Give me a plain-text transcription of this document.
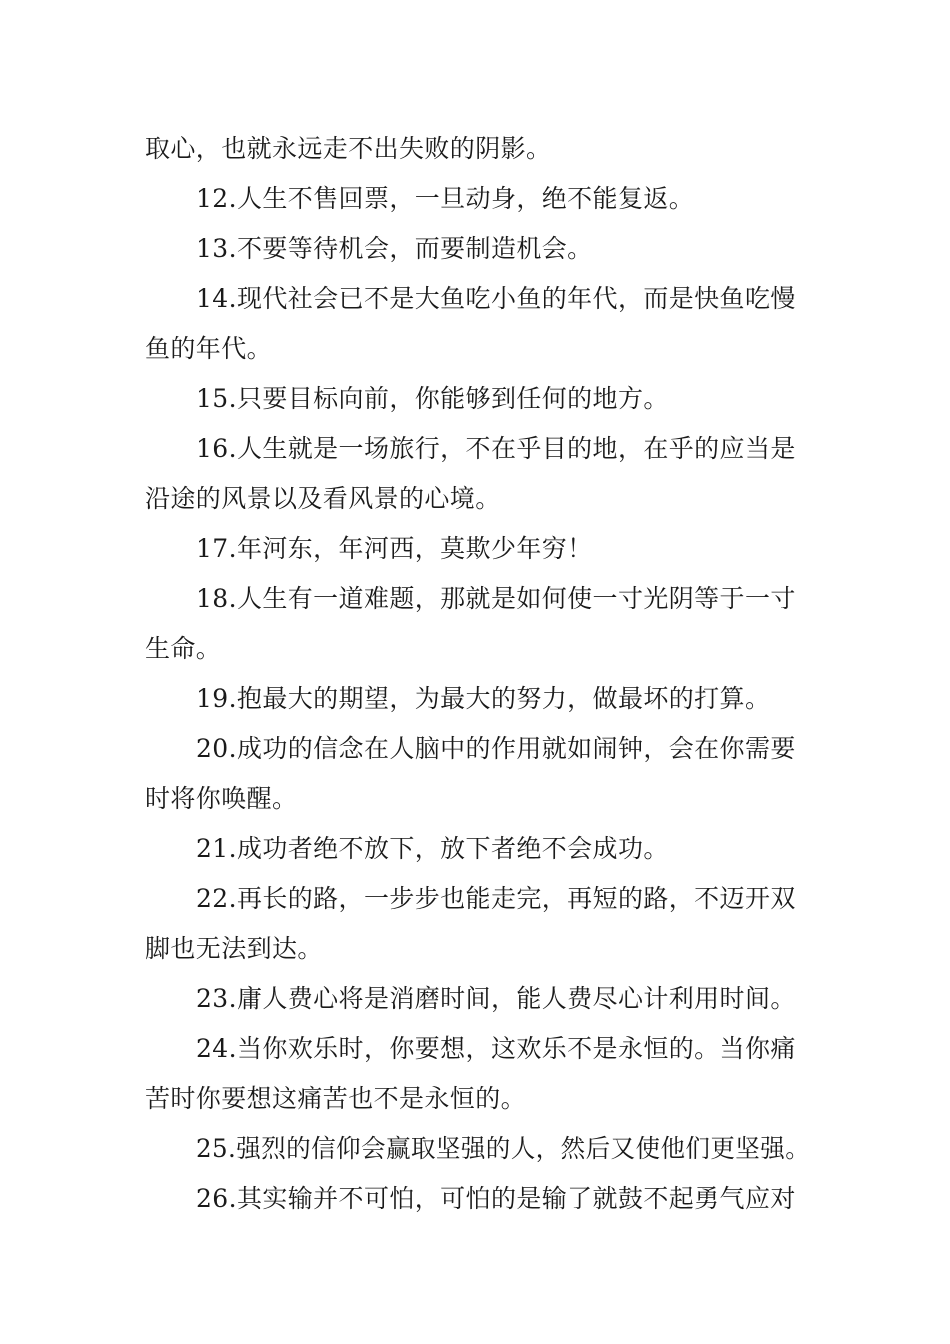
取心，也就永远走不出失败的阴影。
12.人生不售回票，一旦动身，绝不能复返。
13.不要等待机会，而要制造机会。
14.现代社会已不是大鱼吃小鱼的年代，而是快鱼吃慢
鱼的年代。
15.只要目标向前，你能够到任何的地方。
16.人生就是一场旅行，不在乎目的地，在乎的应当是
沿途的风景以及看风景的心境。
17.年河东，年河西，莫欺少年穷！
18.人生有一道难题，那就是如何使一寸光阴等于一寸
生命。
19.抱最大的期望，为最大的努力，做最坏的打算。
20.成功的信念在人脑中的作用就如闹钟，会在你需要
时将你唤醒。
21.成功者绝不放下，放下者绝不会成功。
22.再长的路，一步步也能走完，再短的路，不迈开双
脚也无法到达。
23.庸人费心将是消磨时间，能人费尽心计利用时间。
24.当你欢乐时，你要想，这欢乐不是永恒的。当你痛
苦时你要想这痛苦也不是永恒的。
25.强烈的信仰会赢取坚强的人，然后又使他们更坚强。
26.其实输并不可怕，可怕的是输了就鼓不起勇气应对
